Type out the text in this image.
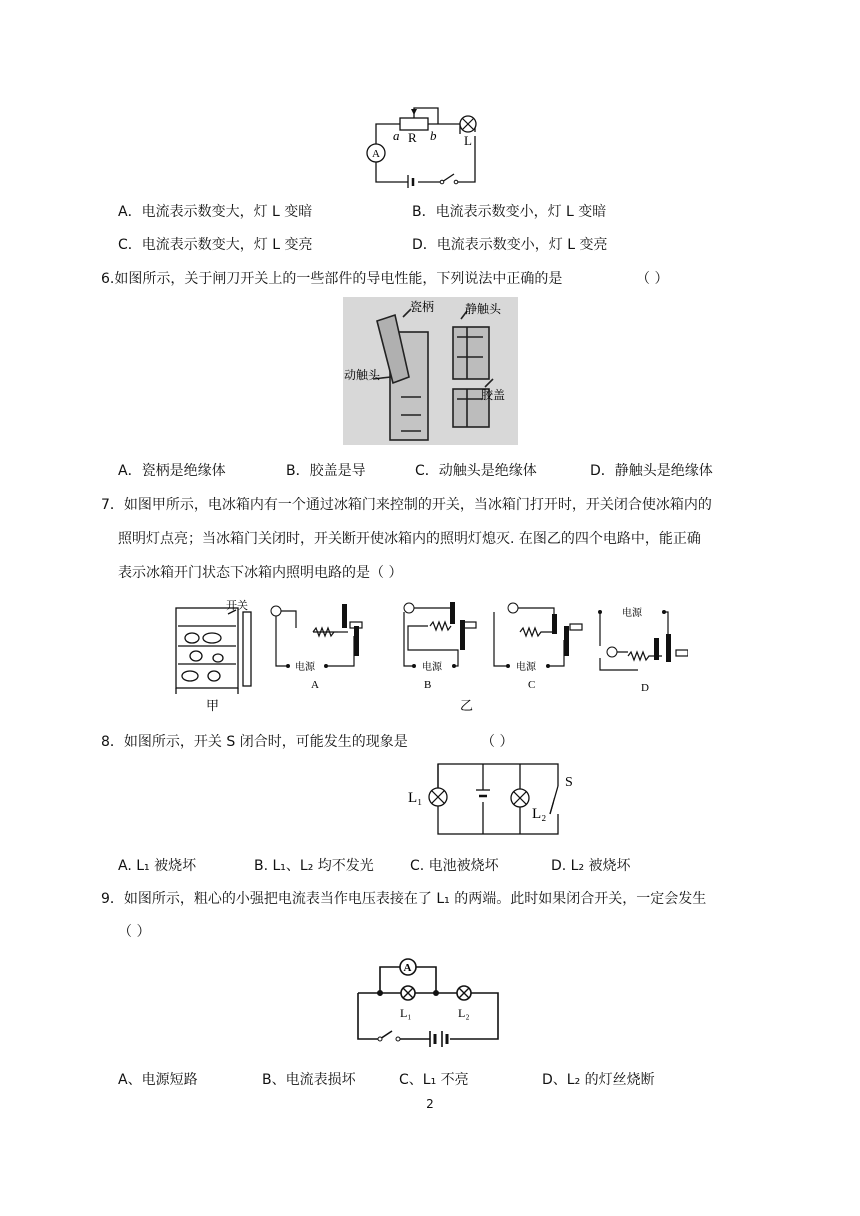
A
a R b L
A．电流表示数变大，灯 L 变暗	B．电流表示数变小，灯 L 变暗
C．电流表示数变大，灯 L 变亮	D．电流表示数变小，灯 L 变亮
6.如图所示，关于闸刀开关上的一些部件的导电性能，下列说法中正确的是	（ ）
瓷柄	静触头
动触头
胶盖
A．瓷柄是绝缘体	B．胶盖是导	C．动触头是绝缘体	D．静触头是绝缘体
7．如图甲所示，电冰箱内有一个通过冰箱门来控制的开关，当冰箱门打开时，开关闭合使冰箱内的
照明灯点亮；当冰箱门关闭时，开关断开使冰箱内的照明灯熄灭. 在图乙的四个电路中，能正确
表示冰箱开门状态下冰箱内照明电路的是（ ）
开关
甲
电源
A
电源
B
电源
C
电源
D
乙
8．如图所示，开关 S 闭合时，可能发生的现象是	（ ）
L₁
L₂
S
A. L₁ 被烧坏	B. L₁、L₂ 均不发光	C. 电池被烧坏	D. L₂ 被烧坏
9．如图所示，粗心的小强把电流表当作电压表接在了 L₁ 的两端。此时如果闭合开关，一定会发生
（ ）
A
L₁	L₂
A、电源短路	B、电流表损坏	C、L₁ 不亮	D、L₂ 的灯丝烧断
2
